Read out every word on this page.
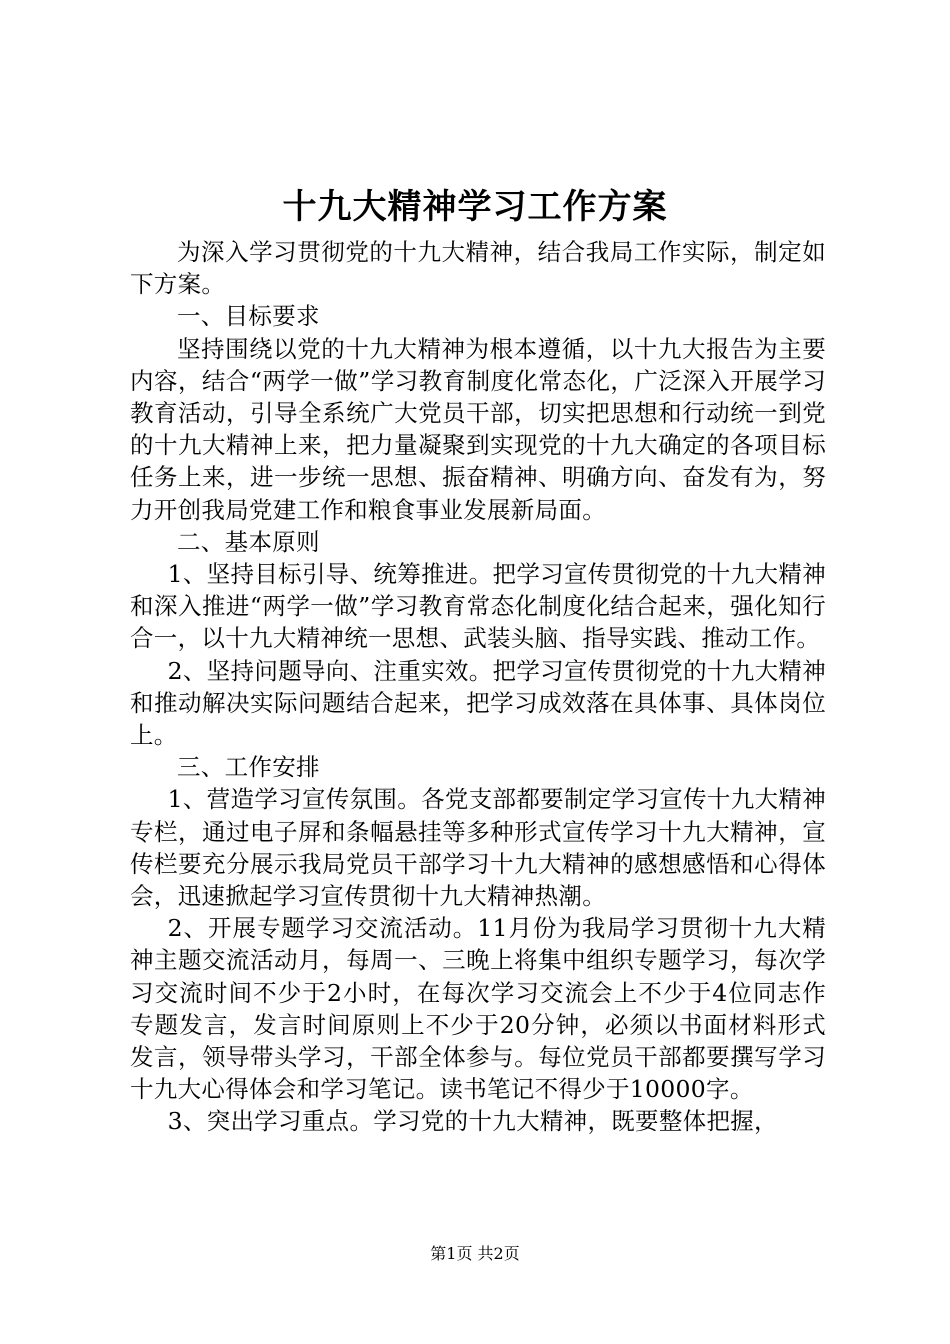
十九大精神学习工作方案

为深入学习贯彻党的十九大精神，结合我局工作实际，制定如下方案。

一、目标要求

坚持围绕以党的十九大精神为根本遵循，以十九大报告为主要内容，结合“两学一做”学习教育制度化常态化，广泛深入开展学习教育活动，引导全系统广大党员干部，切实把思想和行动统一到党的十九大精神上来，把力量凝聚到实现党的十九大确定的各项目标任务上来，进一步统一思想、振奋精神、明确方向、奋发有为，努力开创我局党建工作和粮食事业发展新局面。

二、基本原则

1、坚持目标引导、统筹推进。把学习宣传贯彻党的十九大精神和深入推进“两学一做”学习教育常态化制度化结合起来，强化知行合一，以十九大精神统一思想、武装头脑、指导实践、推动工作。

2、坚持问题导向、注重实效。把学习宣传贯彻党的十九大精神和推动解决实际问题结合起来，把学习成效落在具体事、具体岗位上。

三、工作安排

1、营造学习宣传氛围。各党支部都要制定学习宣传十九大精神专栏，通过电子屏和条幅悬挂等多种形式宣传学习十九大精神，宣传栏要充分展示我局党员干部学习十九大精神的感想感悟和心得体会，迅速掀起学习宣传贯彻十九大精神热潮。

2、开展专题学习交流活动。11月份为我局学习贯彻十九大精神主题交流活动月，每周一、三晚上将集中组织专题学习，每次学习交流时间不少于2小时，在每次学习交流会上不少于4位同志作专题发言，发言时间原则上不少于20分钟，必须以书面材料形式发言，领导带头学习，干部全体参与。每位党员干部都要撰写学习十九大心得体会和学习笔记。读书笔记不得少于10000字。

3、突出学习重点。学习党的十九大精神，既要整体把握，

第1页 共2页
